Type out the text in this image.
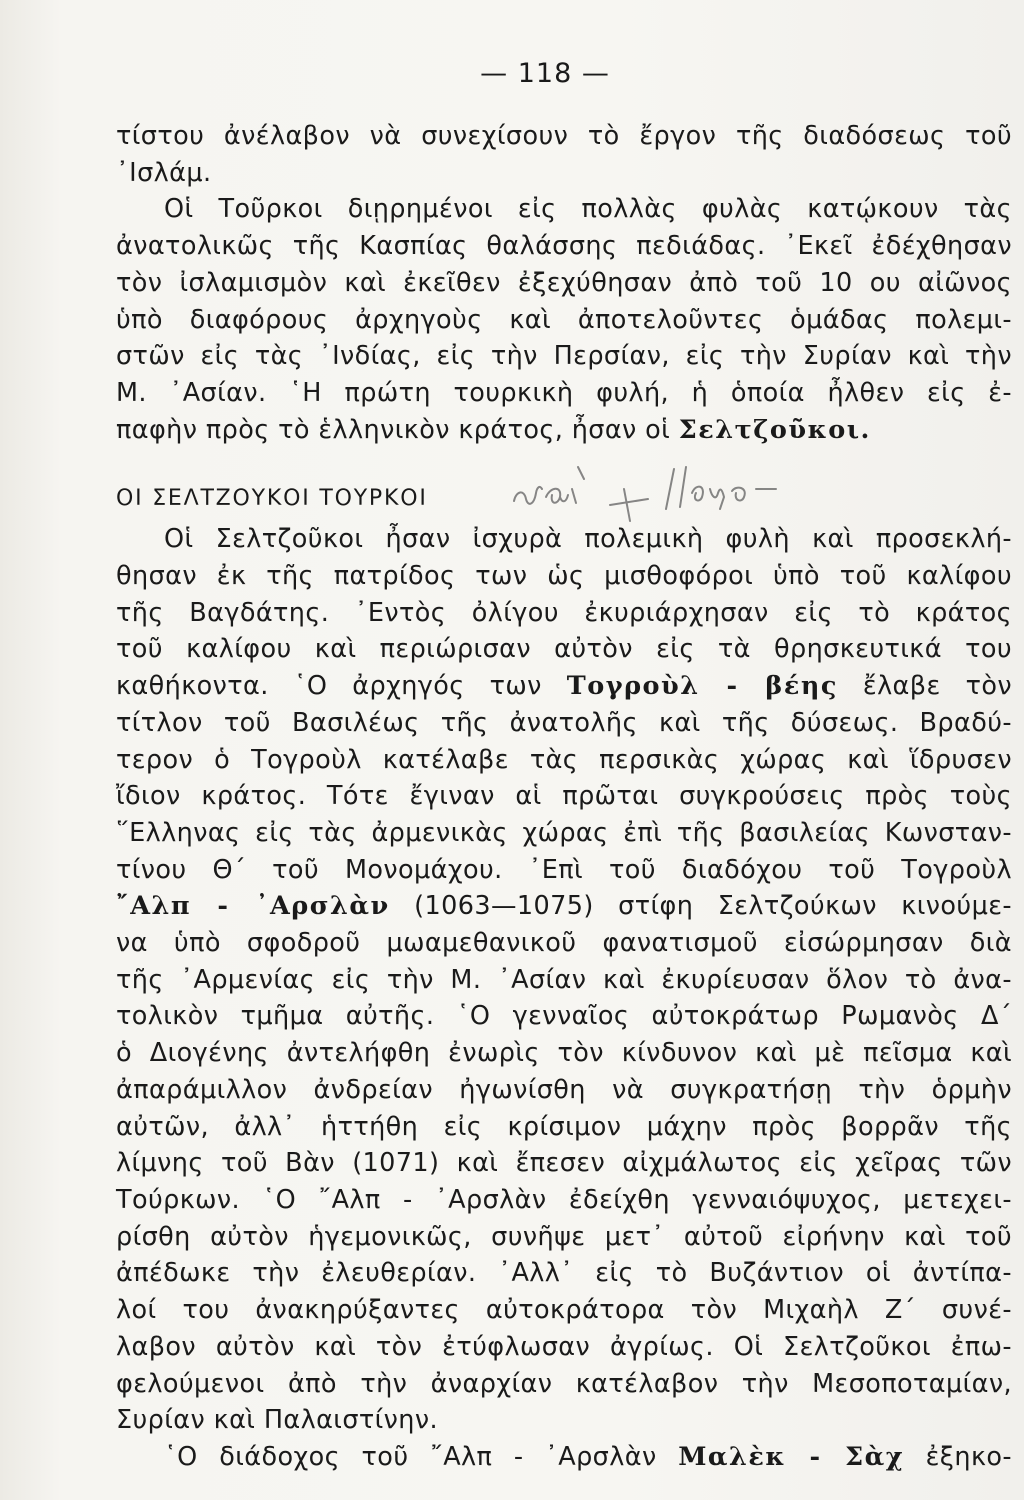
— 118 —
τίστου ἀνέλαβον νὰ συνεχίσουν τὸ ἔργον τῆς διαδόσεως τοῦ
᾿Ισλάμ.
Οἱ Τοῦρκοι διῃρημένοι εἰς πολλὰς φυλὰς κατῴκουν τὰς
ἀνατολικῶς τῆς Κασπίας θαλάσσης πεδιάδας. ᾿Εκεῖ ἐδέχθησαν
τὸν ἰσλαμισμὸν καὶ ἐκεῖθεν ἐξεχύθησαν ἀπὸ τοῦ 10 ου αἰῶνος
ὑπὸ διαφόρους ἀρχηγοὺς καὶ ἀποτελοῦντες ὁμάδας πολεμι-
στῶν εἰς τὰς ᾿Ινδίας, εἰς τὴν Περσίαν, εἰς τὴν Συρίαν καὶ τὴν
Μ. ᾿Ασίαν. ῾Η πρώτη τουρκικὴ φυλή, ἡ ὁποία ἦλθεν εἰς ἐ-
παφὴν πρὸς τὸ ἑλληνικὸν κράτος, ἦσαν οἱ Σελτζοῦκοι.
ΟΙ ΣΕΛΤΖΟΥΚΟΙ ΤΟΥΡΚΟΙ
Οἱ Σελτζοῦκοι ἦσαν ἰσχυρὰ πολεμικὴ φυλὴ καὶ προσεκλή-
θησαν ἐκ τῆς πατρίδος των ὡς μισθοφόροι ὑπὸ τοῦ καλίφου
τῆς Βαγδάτης. ᾿Εντὸς ὀλίγου ἐκυριάρχησαν εἰς τὸ κράτος
τοῦ καλίφου καὶ περιώρισαν αὐτὸν εἰς τὰ θρησκευτικά του
καθήκοντα. ῾Ο ἀρχηγός των Τογροὺλ - βέης ἔλαβε τὸν
τίτλον τοῦ Βασιλέως τῆς ἀνατολῆς καὶ τῆς δύσεως. Βραδύ-
τερον ὁ Τογροὺλ κατέλαβε τὰς περσικὰς χώρας καὶ ἵδρυσεν
ἴδιον κράτος. Τότε ἔγιναν αἱ πρῶται συγκρούσεις πρὸς τοὺς
῞Ελληνας εἰς τὰς ἀρμενικὰς χώρας ἐπὶ τῆς βασιλείας Κωνσταν-
τίνου Θ΄ τοῦ Μονομάχου. ᾿Επὶ τοῦ διαδόχου τοῦ Τογροὺλ
῎Αλπ - ᾿Αρσλὰν (1063—1075) στίφη Σελτζούκων κινούμε-
να ὑπὸ σφοδροῦ μωαμεθανικοῦ φανατισμοῦ εἰσώρμησαν διὰ
τῆς ᾿Αρμενίας εἰς τὴν Μ. ᾿Ασίαν καὶ ἐκυρίευσαν ὅλον τὸ ἀνα-
τολικὸν τμῆμα αὐτῆς. ῾Ο γενναῖος αὐτοκράτωρ Ρωμανὸς Δ΄
ὁ Διογένης ἀντελήφθη ἐνωρὶς τὸν κίνδυνον καὶ μὲ πεῖσμα καὶ
ἀπαράμιλλον ἀνδρείαν ἠγωνίσθη νὰ συγκρατήσῃ τὴν ὁρμὴν
αὐτῶν, ἀλλ᾿ ἡττήθη εἰς κρίσιμον μάχην πρὸς βορρᾶν τῆς
λίμνης τοῦ Βὰν (1071) καὶ ἔπεσεν αἰχμάλωτος εἰς χεῖρας τῶν
Τούρκων. ῾Ο ῎Αλπ - ᾿Αρσλὰν ἐδείχθη γενναιόψυχος, μετεχει-
ρίσθη αὐτὸν ἡγεμονικῶς, συνῆψε μετ᾿ αὐτοῦ εἰρήνην καὶ τοῦ
ἀπέδωκε τὴν ἐλευθερίαν. ᾿Αλλ᾿ εἰς τὸ Βυζάντιον οἱ ἀντίπα-
λοί του ἀνακηρύξαντες αὐτοκράτορα τὸν Μιχαὴλ Ζ΄ συνέ-
λαβον αὐτὸν καὶ τὸν ἐτύφλωσαν ἀγρίως. Οἱ Σελτζοῦκοι ἐπω-
φελούμενοι ἀπὸ τὴν ἀναρχίαν κατέλαβον τὴν Μεσοποταμίαν,
Συρίαν καὶ Παλαιστίνην.
῾Ο διάδοχος τοῦ ῎Αλπ - ᾿Αρσλὰν Μαλὲκ - Σὰχ ἐξηκο-
